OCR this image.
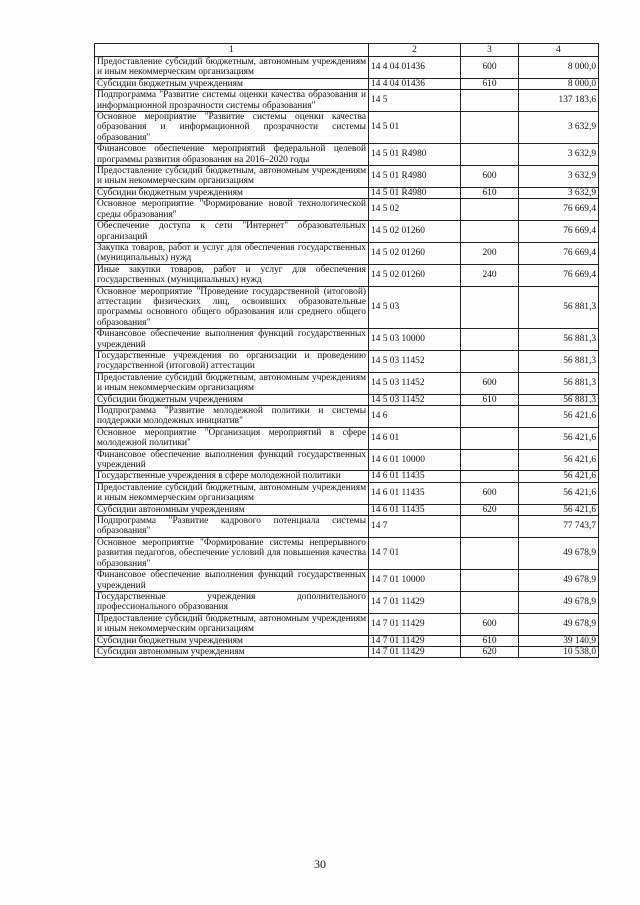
1	2	3	4
Предоставление субсидий бюджетным, автономным учреждениям и иным некоммерческим организациям	14 4 04 01436	600	8 000,0
Субсидии бюджетным учреждениям	14 4 04 01436	610	8 000,0
Подпрограмма "Развитие системы оценки качества образования и информационной прозрачности системы образования"	14 5		137 183,6
Основное мероприятие "Развитие системы оценки качества образования и информационной прозрачности системы образования"	14 5 01		3 632,9
Финансовое обеспечение мероприятий федеральной целевой программы развития образования на 2016–2020 годы	14 5 01 R4980		3 632,9
Предоставление субсидий бюджетным, автономным учреждениям и иным некоммерческим организациям	14 5 01 R4980	600	3 632,9
Субсидии бюджетным учреждениям	14 5 01 R4980	610	3 632,9
Основное мероприятие "Формирование новой технологической среды образования"	14 5 02		76 669,4
Обеспечение доступа к сети "Интернет" образовательных организаций	14 5 02 01260		76 669,4
Закупка товаров, работ и услуг для обеспечения государственных (муниципальных) нужд	14 5 02 01260	200	76 669,4
Иные закупки товаров, работ и услуг для обеспечения государственных (муниципальных) нужд	14 5 02 01260	240	76 669,4
Основное мероприятие "Проведение государственной (итоговой) аттестации физических лиц, освоивших образовательные программы основного общего образования или среднего общего образования"	14 5 03		56 881,3
Финансовое обеспечение выполнения функций государственных учреждений	14 5 03 10000		56 881,3
Государственные учреждения по организации и проведению государственной (итоговой) аттестации	14 5 03 11452		56 881,3
Предоставление субсидий бюджетным, автономным учреждениям и иным некоммерческим организациям	14 5 03 11452	600	56 881,3
Субсидии бюджетным учреждениям	14 5 03 11452	610	56 881,3
Подпрограмма "Развитие молодежной политики и системы поддержки молодежных инициатив"	14 6		56 421,6
Основное мероприятие "Организация мероприятий в сфере молодежной политики"	14 6 01		56 421,6
Финансовое обеспечение выполнения функций государственных учреждений	14 6 01 10000		56 421,6
Государственные учреждения в сфере молодежной политики	14 6 01 11435		56 421,6
Предоставление субсидий бюджетным, автономным учреждениям и иным некоммерческим организациям	14 6 01 11435	600	56 421,6
Субсидии автономным учреждениям	14 6 01 11435	620	56 421,6
Подпрограмма "Развитие кадрового потенциала системы образования"	14 7		77 743,7
Основное мероприятие "Формирование системы непрерывного развития педагогов, обеспечение условий для повышения качества образования"	14 7 01		49 678,9
Финансовое обеспечение выполнения функций государственных учреждений	14 7 01 10000		49 678,9
Государственные учреждения дополнительного профессионального образования	14 7 01 11429		49 678,9
Предоставление субсидий бюджетным, автономным учреждениям и иным некоммерческим организациям	14 7 01 11429	600	49 678,9
Субсидии бюджетным учреждениям	14 7 01 11429	610	39 140,9
Субсидии автономным учреждениям	14 7 01 11429	620	10 538,0
30
